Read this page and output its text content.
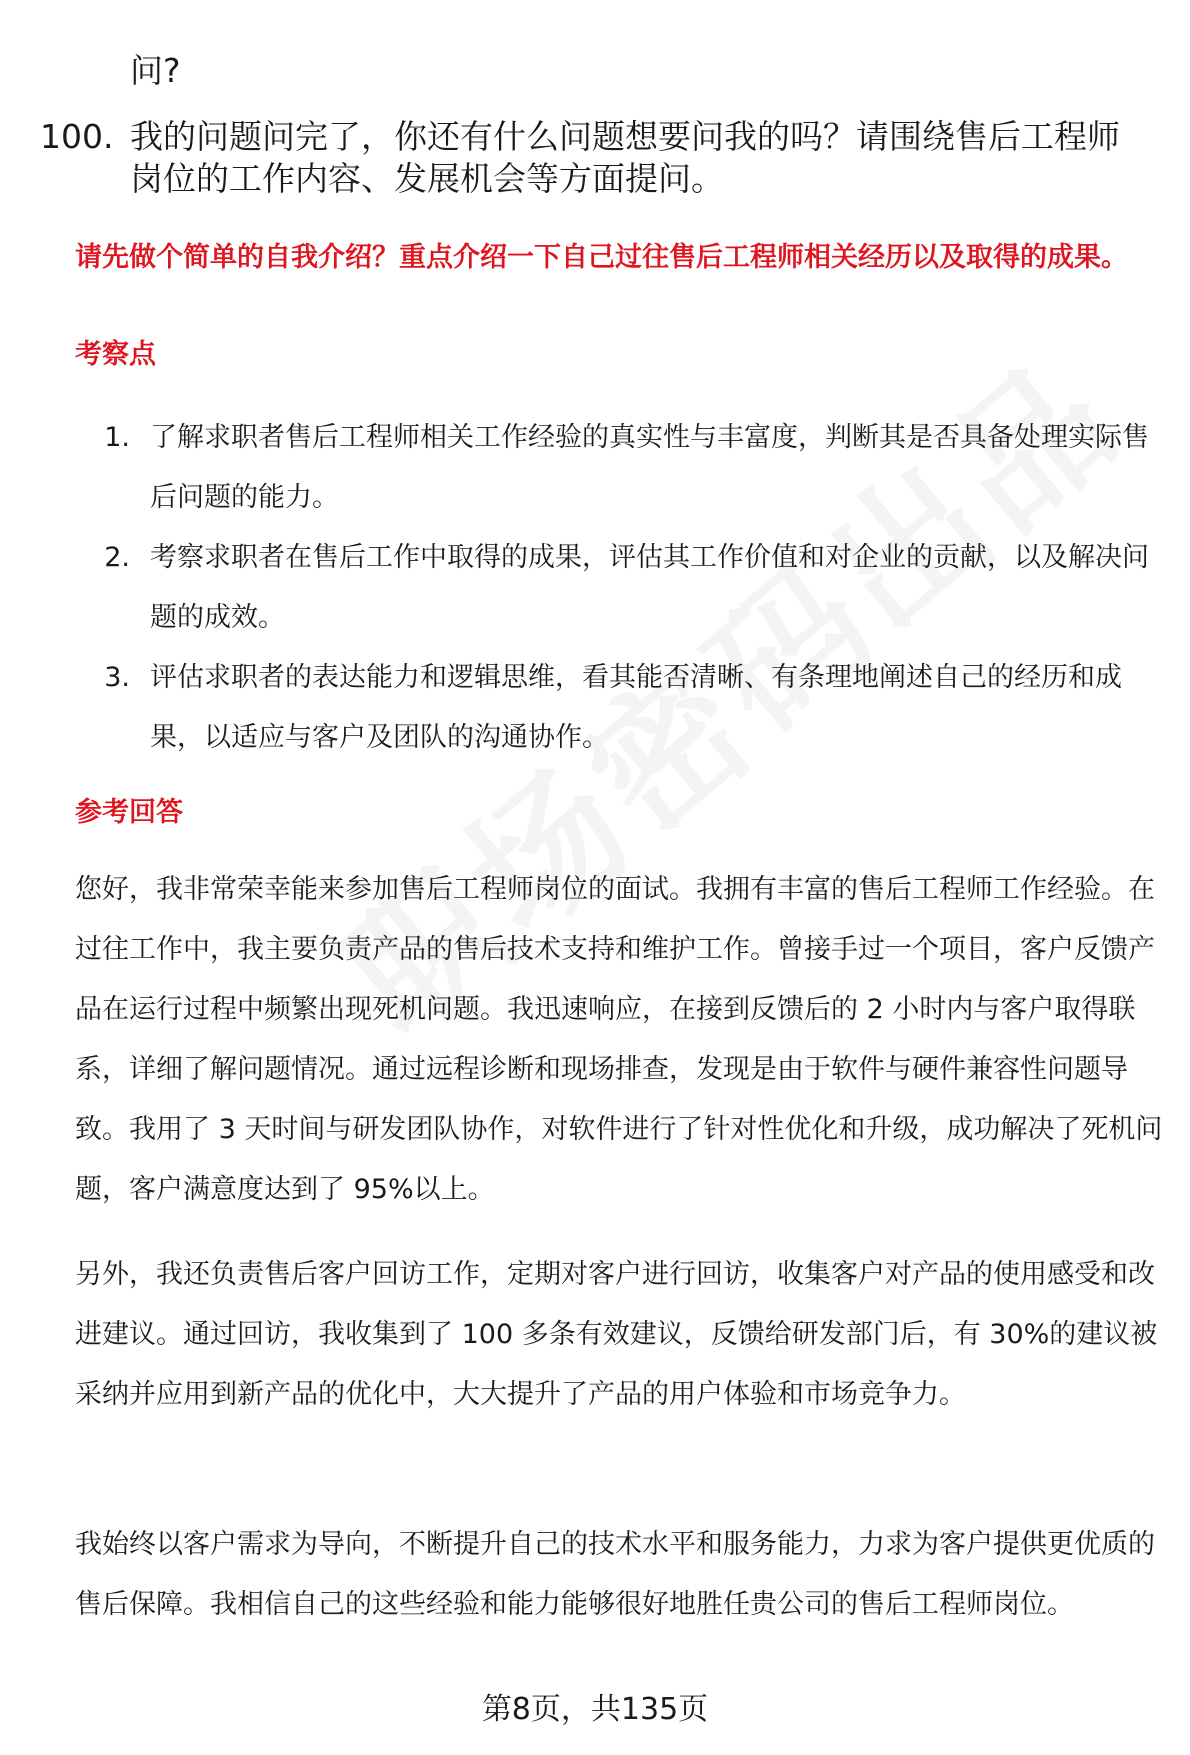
问?
100. 我的问题问完了，你还有什么问题想要问我的吗？请围绕售后工程师岗位的工作内容、发展机会等方面提问。
请先做个简单的自我介绍？重点介绍一下自己过往售后工程师相关经历以及取得的成果。
考察点
1. 了解求职者售后工程师相关工作经验的真实性与丰富度，判断其是否具备处理实际售后问题的能力。
2. 考察求职者在售后工作中取得的成果，评估其工作价值和对企业的贡献，以及解决问题的成效。
3. 评估求职者的表达能力和逻辑思维，看其能否清晰、有条理地阐述自己的经历和成果，以适应与客户及团队的沟通协作。
参考回答

您好，我非常荣幸能来参加售后工程师岗位的面试。我拥有丰富的售后工程师工作经验。在过往工作中，我主要负责产品的售后技术支持和维护工作。曾接手过一个项目，客户反馈产品在运行过程中频繁出现死机问题。我迅速响应，在接到反馈后的 2 小时内与客户取得联系，详细了解问题情况。通过远程诊断和现场排查，发现是由于软件与硬件兼容性问题导致。我用了 3 天时间与研发团队协作，对软件进行了针对性优化和升级，成功解决了死机问题，客户满意度达到了 95%以上。

另外，我还负责售后客户回访工作，定期对客户进行回访，收集客户对产品的使用感受和改进建议。通过回访，我收集到了 100 多条有效建议，反馈给研发部门后，有 30%的建议被采纳并应用到新产品的优化中，大大提升了产品的用户体验和市场竞争力。

我始终以客户需求为导向，不断提升自己的技术水平和服务能力，力求为客户提供更优质的售后保障。我相信自己的这些经验和能力能够很好地胜任贵公司的售后工程师岗位。

第8页，共135页
